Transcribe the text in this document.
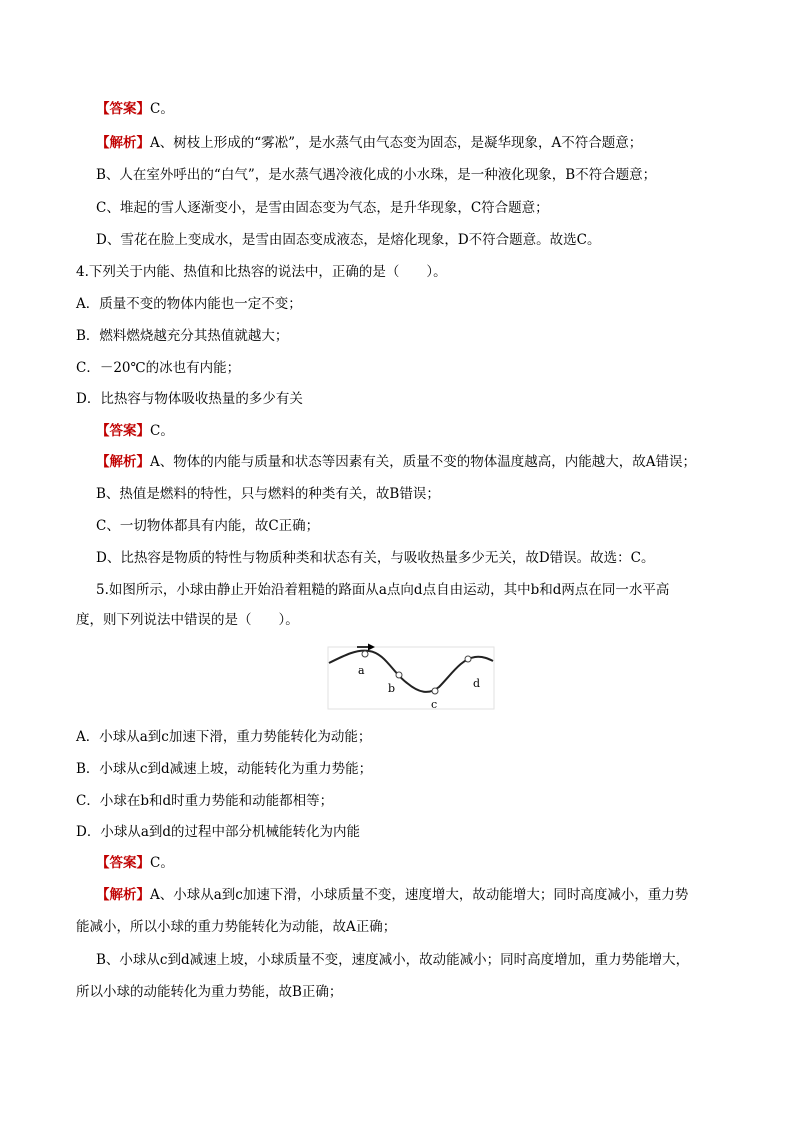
【答案】C。
【解析】A、树枝上形成的“雾凇”，是水蒸气由气态变为固态，是凝华现象，A不符合题意；
B、人在室外呼出的“白气”，是水蒸气遇冷液化成的小水珠，是一种液化现象，B不符合题意；
C、堆起的雪人逐渐变小，是雪由固态变为气态，是升华现象，C符合题意；
D、雪花在脸上变成水，是雪由固态变成液态，是熔化现象，D不符合题意。故选C。
4.下列关于内能、热值和比热容的说法中，正确的是（　　）。
A．质量不变的物体内能也一定不变；
B．燃料燃烧越充分其热值就越大；
C．－20℃的冰也有内能；
D．比热容与物体吸收热量的多少有关
【答案】C。
【解析】A、物体的内能与质量和状态等因素有关，质量不变的物体温度越高，内能越大，故A错误；
B、热值是燃料的特性，只与燃料的种类有关，故B错误；
C、一切物体都具有内能，故C正确；
D、比热容是物质的特性与物质种类和状态有关，与吸收热量多少无关，故D错误。故选：C。
5.如图所示，小球由静止开始沿着粗糙的路面从a点向d点自由运动，其中b和d两点在同一水平高
度，则下列说法中错误的是（　　）。
a
b
c
d
A．小球从a到c加速下滑，重力势能转化为动能；
B．小球从c到d减速上坡，动能转化为重力势能；
C．小球在b和d时重力势能和动能都相等；
D．小球从a到d的过程中部分机械能转化为内能
【答案】C。
【解析】A、小球从a到c加速下滑，小球质量不变，速度增大，故动能增大；同时高度减小，重力势
能减小，所以小球的重力势能转化为动能，故A正确；
B、小球从c到d减速上坡，小球质量不变，速度减小，故动能减小；同时高度增加，重力势能增大，
所以小球的动能转化为重力势能，故B正确；
